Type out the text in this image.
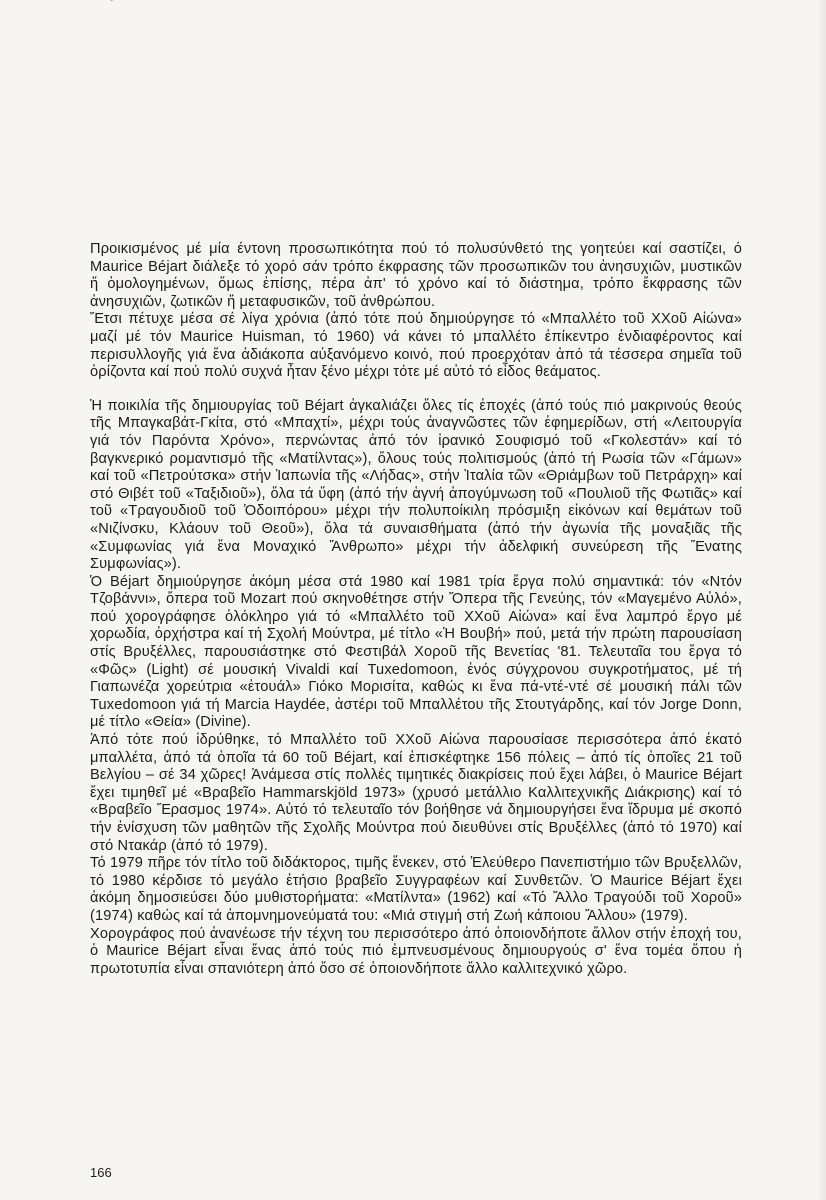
ˇ

Προικισμένος μέ μία έντονη προσωπικότητα πού τό πολυσύνθετό της γοητεύει καί σαστίζει, ό Maurice Béjart διάλεξε τό χορό σάν τρόπο έκφρασης τῶν προσωπικῶν του ἀνησυχιῶν, μυστικῶν ἤ ὁμολογημένων, ὅμως ἐπίσης, πέρα ἀπ' τό χρόνο καί τό διάστημα, τρόπο ἔκφρασης τῶν ἀνησυχιῶν, ζωτικῶν ἤ μεταφυσικῶν, τοῦ ἀνθρώπου.

Ἔτσι πέτυχε μέσα σέ λίγα χρόνια (ἀπό τότε πού δημιούργησε τό «Μπαλλέτο τοῦ ΧΧοῦ Αἰώνα» μαζί μέ τόν Maurice Huisman, τό 1960) νά κάνει τό μπαλλέτο ἐπίκεντρο ἐνδιαφέροντος καί περισυλλογῆς γιά ἕνα ἀδιάκοπα αὐξανόμενο κοινό, πού προερχόταν ἀπό τά τέσσερα σημεῖα τοῦ ὁρίζοντα καί πού πολύ συχνά ἦταν ξένο μέχρι τότε μέ αὐτό τό εἶδος θεάματος.

Ἡ ποικιλία τῆς δημιουργίας τοῦ Béjart ἀγκαλιάζει ὅλες τίς ἐποχές (ἀπό τούς πιό μακρινούς θεούς τῆς Μπαγκαβάτ-Γκίτα, στό «Μπαχτί», μέχρι τούς ἀναγνῶστες τῶν ἐφημερίδων, στή «Λειτουργία γιά τόν Παρόντα Χρόνο», περνώντας ἀπό τόν ἰρανικό Σουφισμό τοῦ «Γκολεστάν» καί τό βαγκνερικό ρομαντισμό τῆς «Ματίλντας»), ὅλους τούς πολιτισμούς (ἀπό τή Ρωσία τῶν «Γάμων» καί τοῦ «Πετρούτσκα» στήν Ἰαπωνία τῆς «Λήδας», στήν Ἰταλία τῶν «Θριάμβων τοῦ Πετράρχη» καί στό Θιβέτ τοῦ «Ταξιδιοῦ»), ὅλα τά ὕφη (ἀπό τήν ἁγνή ἀπογύμνωση τοῦ «Πουλιοῦ τῆς Φωτιᾶς» καί τοῦ «Τραγουδιοῦ τοῦ Ὁδοιπόρου» μέχρι τήν πολυποίκιλη πρόσμιξη εἰκόνων καί θεμάτων τοῦ «Νιζίνσκυ, Κλάουν τοῦ Θεοῦ»), ὅλα τά συναισθήματα (ἀπό τήν ἀγωνία τῆς μοναξιᾶς τῆς «Συμφωνίας γιά ἕνα Μοναχικό Ἄνθρωπο» μέχρι τήν ἀδελφική συνεύρεση τῆς Ἔνατης Συμφωνίας»).

Ὁ Béjart δημιούργησε ἀκόμη μέσα στά 1980 καί 1981 τρία ἔργα πολύ σημαντικά: τόν «Ντόν Τζοβάννι», ὄπερα τοῦ Mozart πού σκηνοθέτησε στήν Ὄπερα τῆς Γενεύης, τόν «Μαγεμένο Αὐλό», πού χορογράφησε ὁλόκληρο γιά τό «Μπαλλέτο τοῦ ΧΧοῦ Αἰώνα» καί ἕνα λαμπρό ἔργο μέ χορωδία, ὀρχήστρα καί τή Σχολή Μούντρα, μέ τίτλο «Ἡ Βουβή» πού, μετά τήν πρώτη παρουσίαση στίς Βρυξέλλες, παρουσιάστηκε στό Φεστιβάλ Χοροῦ τῆς Βενετίας '81. Τελευταῖα του ἔργα τό «Φῶς» (Light) σέ μουσική Vivaldi καί Tuxedomoon, ἑνός σύγχρονου συγκροτήματος, μέ τή Γιαπωνέζα χορεύτρια «ἐτουάλ» Γιόκο Μορισίτα, καθώς κι ἕνα πά-ντέ-ντέ σέ μουσική πάλι τῶν Tuxedomoon γιά τή Marcia Haydée, ἀστέρι τοῦ Μπαλλέτου τῆς Στουτγάρδης, καί τόν Jorge Donn, μέ τίτλο «Θεία» (Divine).

Ἀπό τότε πού ἱδρύθηκε, τό Μπαλλέτο τοῦ ΧΧοῦ Αἰώνα παρουσίασε περισσότερα ἀπό ἑκατό μπαλλέτα, ἀπό τά ὁποῖα τά 60 τοῦ Béjart, καί ἐπισκέφτηκε 156 πόλεις – ἀπό τίς ὁποῖες 21 τοῦ Βελγίου – σέ 34 χῶρες! Ἀνάμεσα στίς πολλές τιμητικές διακρίσεις πού ἔχει λάβει, ὁ Maurice Béjart ἔχει τιμηθεῖ μέ «Βραβεῖο Hammarskjöld 1973» (χρυσό μετάλλιο Καλλιτεχνικῆς Διάκρισης) καί τό «Βραβεῖο Ἔρασμος 1974». Αὐτό τό τελευταῖο τόν βοήθησε νά δημιουργήσει ἕνα ἵδρυμα μέ σκοπό τήν ἐνίσχυση τῶν μαθητῶν τῆς Σχολῆς Μούντρα πού διευθύνει στίς Βρυξέλλες (ἀπό τό 1970) καί στό Ντακάρ (ἀπό τό 1979).

Τό 1979 πῆρε τόν τίτλο τοῦ διδάκτορος, τιμῆς ἕνεκεν, στό Ἐλεύθερο Πανεπιστήμιο τῶν Βρυξελλῶν, τό 1980 κέρδισε τό μεγάλο ἐτήσιο βραβεῖο Συγγραφέων καί Συνθετῶν. Ὁ Maurice Béjart ἔχει ἀκόμη δημοσιεύσει δύο μυθιστορήματα: «Ματίλντα» (1962) καί «Τό Ἄλλο Τραγούδι τοῦ Χοροῦ» (1974) καθώς καί τά ἀπομνημονεύματά του: «Μιά στιγμή στή Ζωή κάποιου Ἄλλου» (1979).

Χορογράφος πού ἀνανέωσε τήν τέχνη του περισσότερο ἀπό ὁποιονδήποτε ἄλλον στήν ἐποχή του, ὁ Maurice Béjart εἶναι ἕνας ἀπό τούς πιό ἐμπνευσμένους δημιουργούς σ' ἕνα τομέα ὅπου ἡ πρωτοτυπία εἶναι σπανιότερη ἀπό ὅσο σέ ὁποιονδήποτε ἄλλο καλλιτεχνικό χῶρο.

166
